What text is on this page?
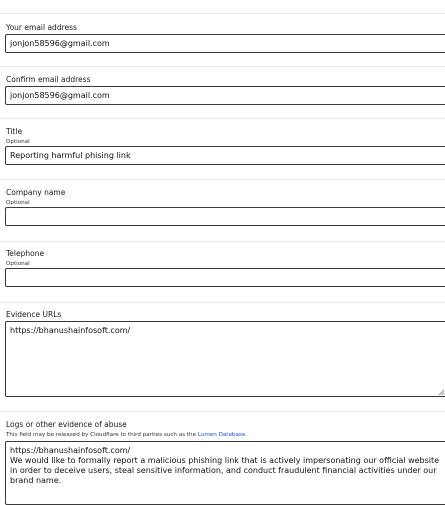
Your email address
jonjon58596@gmail.com
Confirm email address
jonjon58596@gmail.com
Title
Optional
Reporting harmful phising link
Company name
Optional
Telephone
Optional
Evidence URLs
https://bhanushainfosoft.com/
Logs or other evidence of abuse
This field may be released by Cloudflare to third parties such as the Lumen Database.
https://bhanushainfosoft.com/ We would like to formally report a malicious phishing link that is actively impersonating our official website in order to deceive users, steal sensitive information, and conduct fraudulent financial activities under our brand name.
